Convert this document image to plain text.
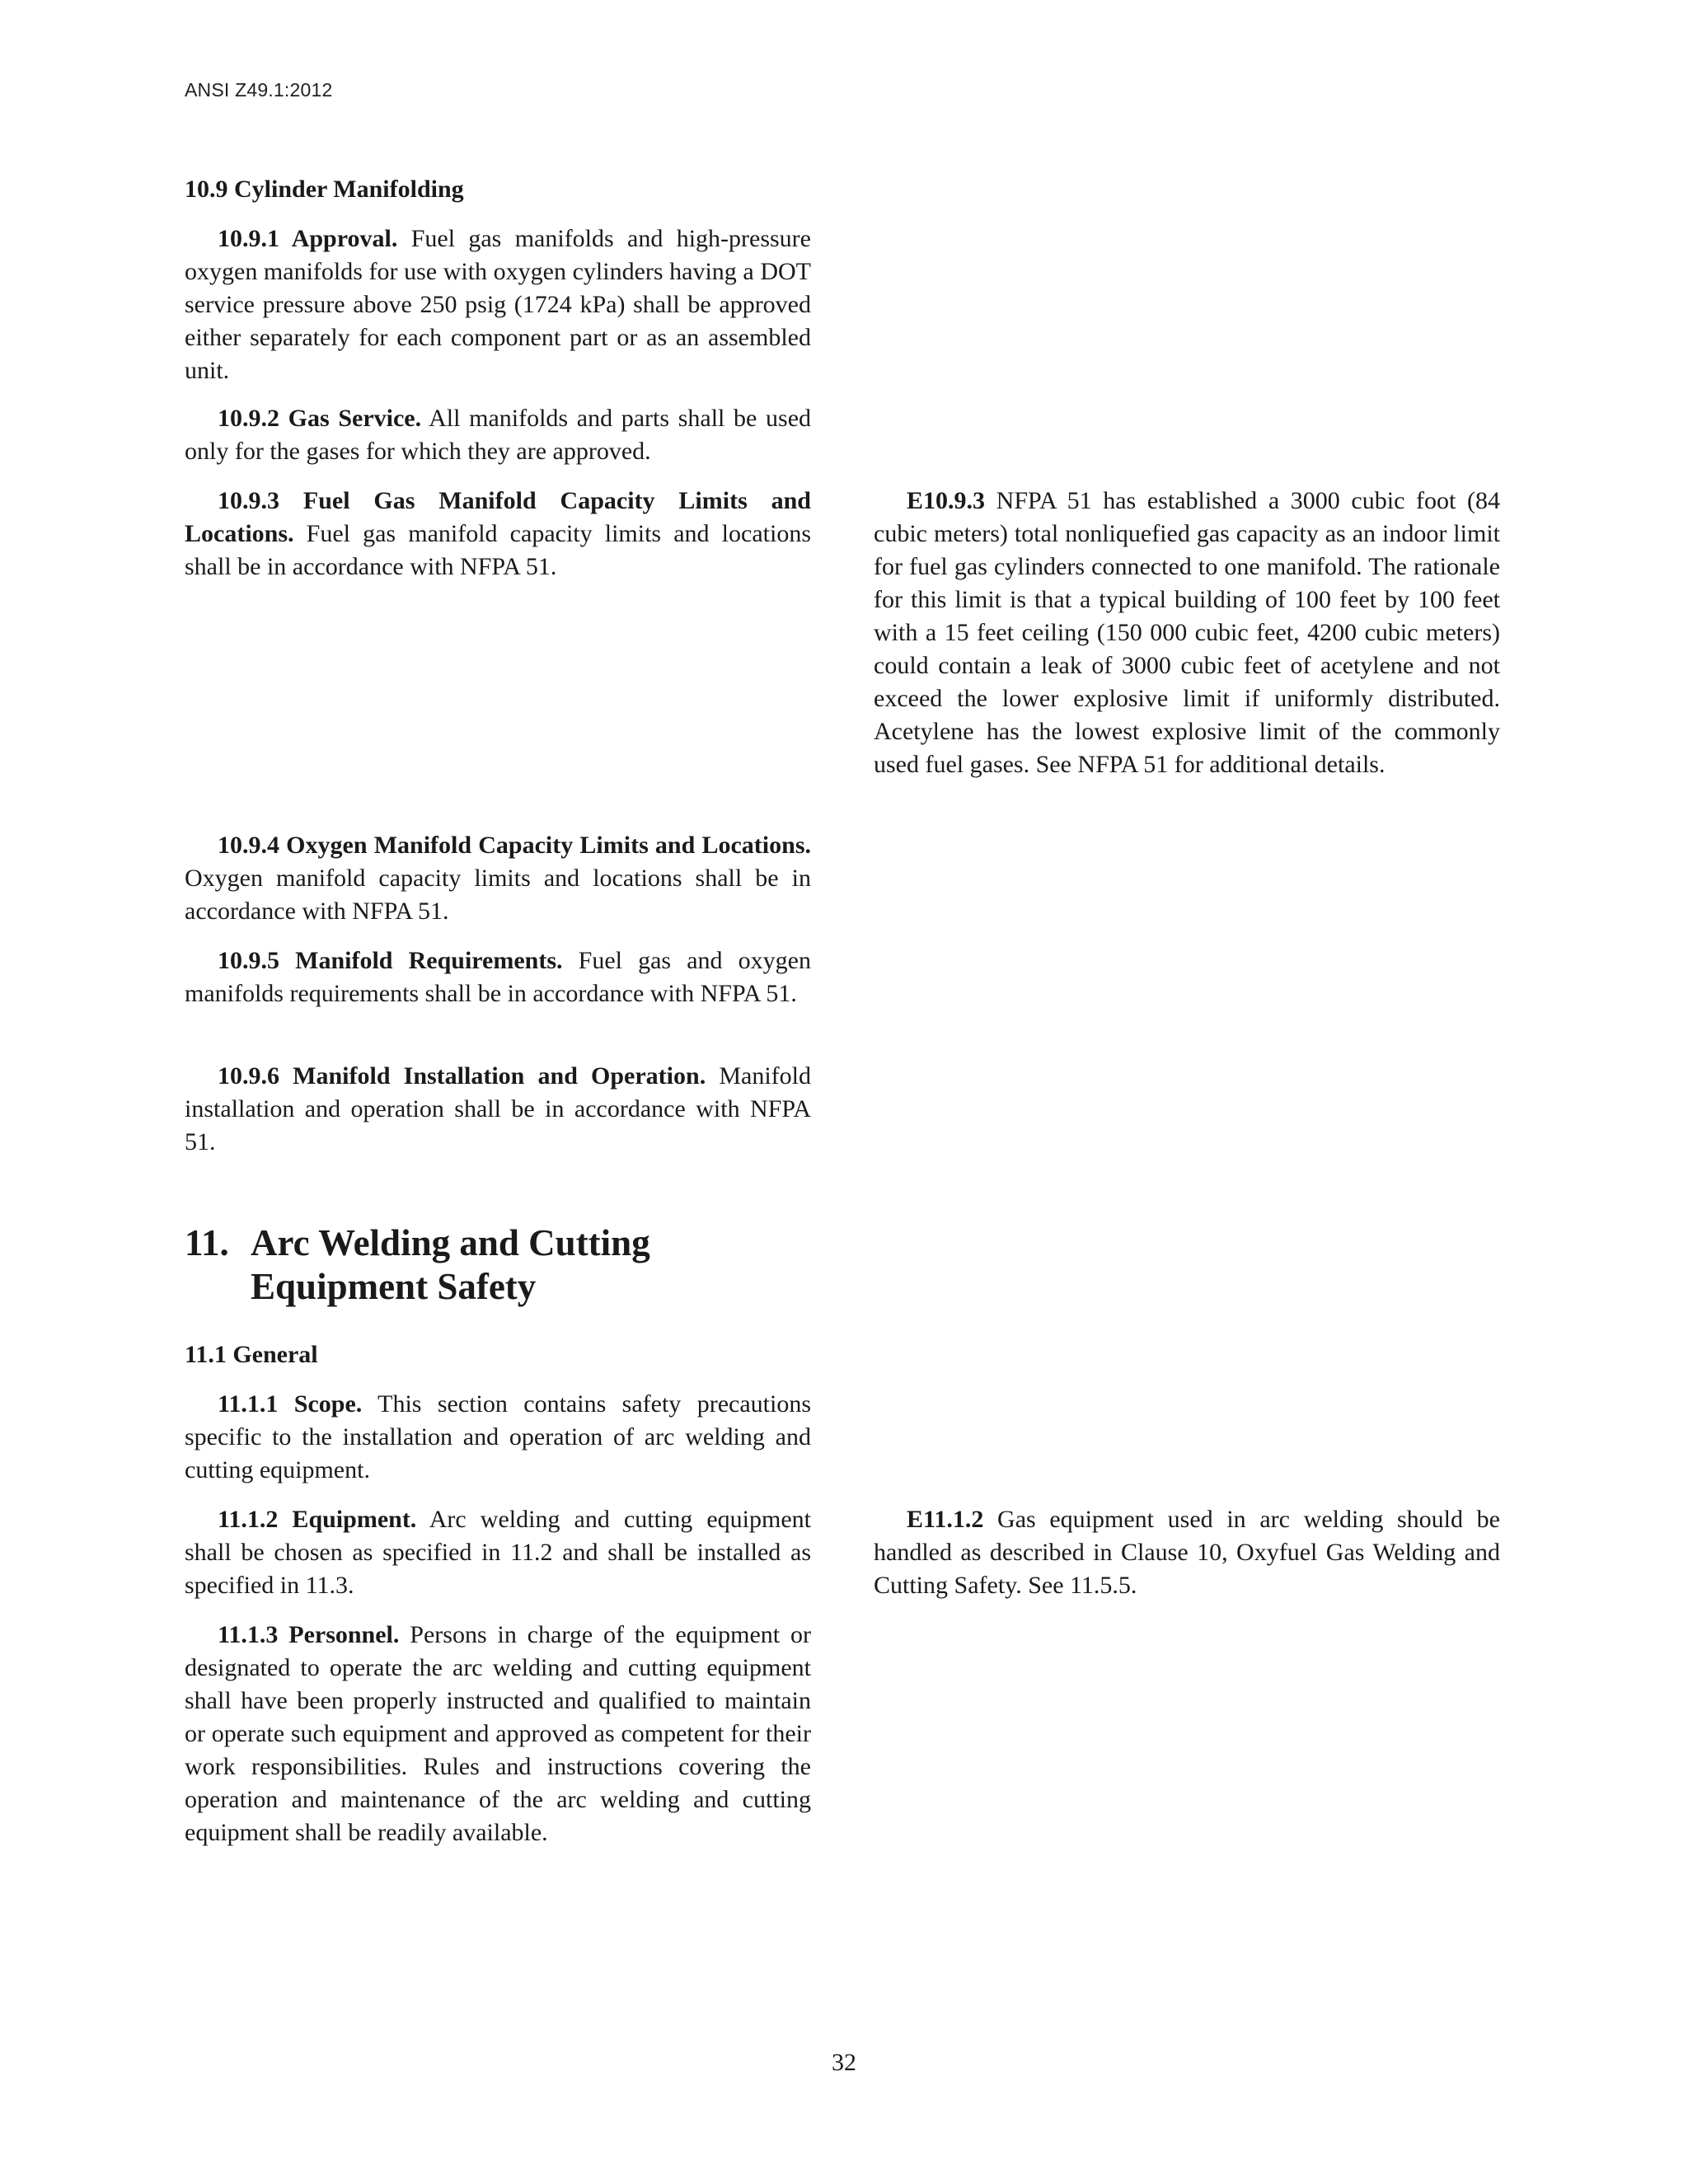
ANSI Z49.1:2012
10.9 Cylinder Manifolding

10.9.1 Approval. Fuel gas manifolds and high-pressure oxygen manifolds for use with oxygen cylinders having a DOT service pressure above 250 psig (1724 kPa) shall be approved either separately for each component part or as an assembled unit.

10.9.2 Gas Service. All manifolds and parts shall be used only for the gases for which they are approved.

10.9.3 Fuel Gas Manifold Capacity Limits and Locations. Fuel gas manifold capacity limits and locations shall be in accordance with NFPA 51.

10.9.4 Oxygen Manifold Capacity Limits and Locations. Oxygen manifold capacity limits and locations shall be in accordance with NFPA 51.

10.9.5 Manifold Requirements. Fuel gas and oxygen manifolds requirements shall be in accordance with NFPA 51.

10.9.6 Manifold Installation and Operation. Manifold installation and operation shall be in accordance with NFPA 51.

11. Arc Welding and Cutting Equipment Safety
11.1 General

11.1.1 Scope. This section contains safety precautions specific to the installation and operation of arc welding and cutting equipment.

11.1.2 Equipment. Arc welding and cutting equipment shall be chosen as specified in 11.2 and shall be installed as specified in 11.3.

11.1.3 Personnel. Persons in charge of the equipment or designated to operate the arc welding and cutting equipment shall have been properly instructed and qualified to maintain or operate such equipment and approved as competent for their work responsibilities. Rules and instructions covering the operation and maintenance of the arc welding and cutting equipment shall be readily available.

E10.9.3 NFPA 51 has established a 3000 cubic foot (84 cubic meters) total nonliquefied gas capacity as an indoor limit for fuel gas cylinders connected to one manifold. The rationale for this limit is that a typical building of 100 feet by 100 feet with a 15 feet ceiling (150 000 cubic feet, 4200 cubic meters) could contain a leak of 3000 cubic feet of acetylene and not exceed the lower explosive limit if uniformly distributed. Acetylene has the lowest explosive limit of the commonly used fuel gases. See NFPA 51 for additional details.

E11.1.2 Gas equipment used in arc welding should be handled as described in Clause 10, Oxyfuel Gas Welding and Cutting Safety. See 11.5.5.

32
